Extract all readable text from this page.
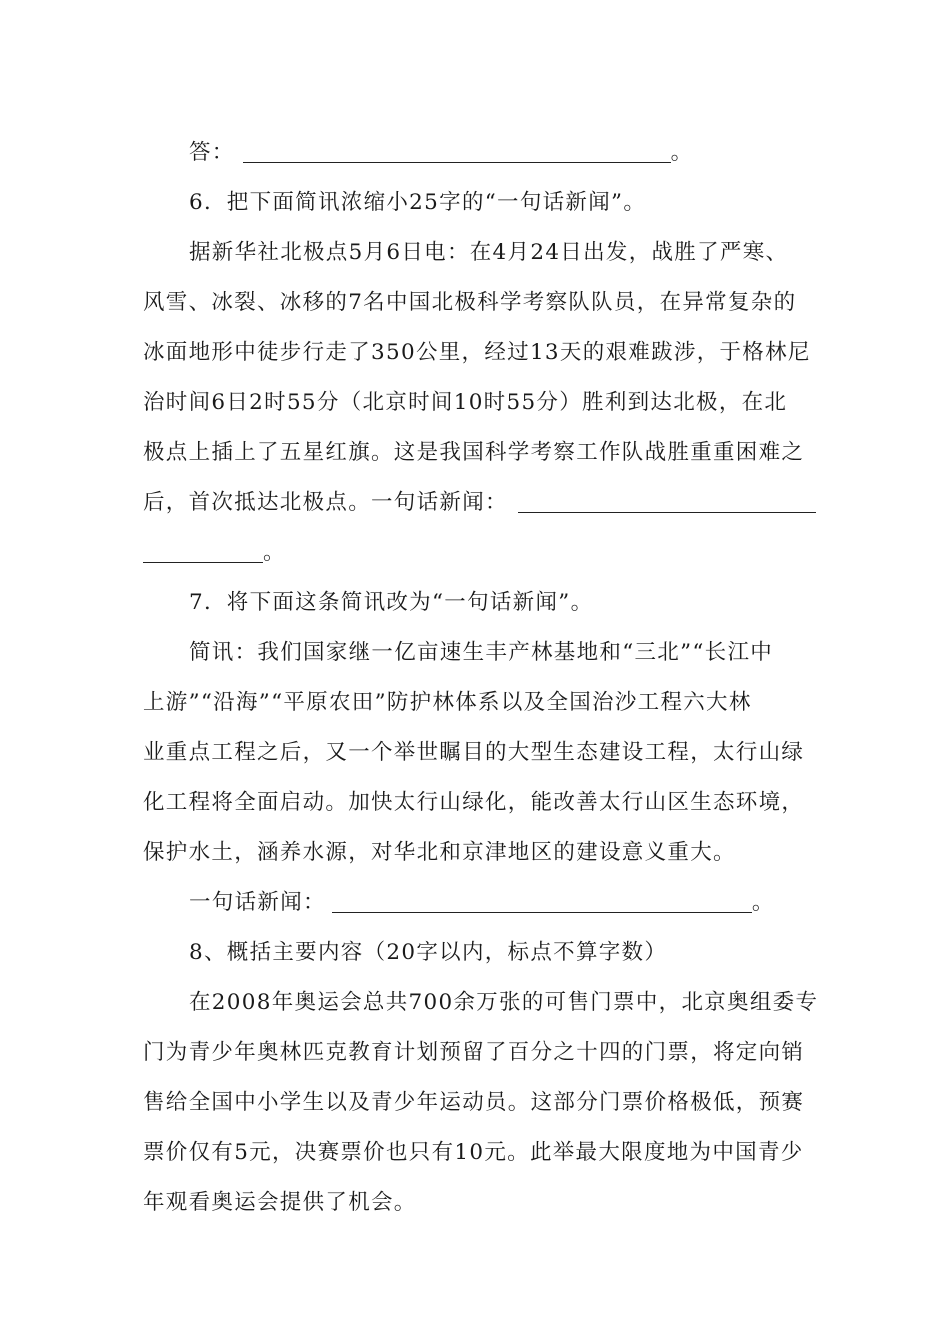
答：	。
6．把下面简讯浓缩小25字的“一句话新闻”。
据新华社北极点5月6日电：在4月24日出发，战胜了严寒、
风雪、冰裂、冰移的7名中国北极科学考察队队员，在异常复杂的
冰面地形中徒步行走了350公里，经过13天的艰难跋涉，于格林尼
治时间6日2时55分（北京时间10时55分）胜利到达北极，在北
极点上插上了五星红旗。这是我国科学考察工作队战胜重重困难之
后，首次抵达北极点。一句话新闻：
。
7．将下面这条简讯改为“一句话新闻”。
简讯：我们国家继一亿亩速生丰产林基地和“三北”“长江中
上游”“沿海”“平原农田”防护林体系以及全国治沙工程六大林
业重点工程之后，又一个举世瞩目的大型生态建设工程，太行山绿
化工程将全面启动。加快太行山绿化，能改善太行山区生态环境，
保护水土，涵养水源，对华北和京津地区的建设意义重大。
一句话新闻：	。
8、概括主要内容（20字以内，标点不算字数）
在2008年奥运会总共700余万张的可售门票中，北京奥组委专
门为青少年奥林匹克教育计划预留了百分之十四的门票，将定向销
售给全国中小学生以及青少年运动员。这部分门票价格极低，预赛
票价仅有5元，决赛票价也只有10元。此举最大限度地为中国青少
年观看奥运会提供了机会。
